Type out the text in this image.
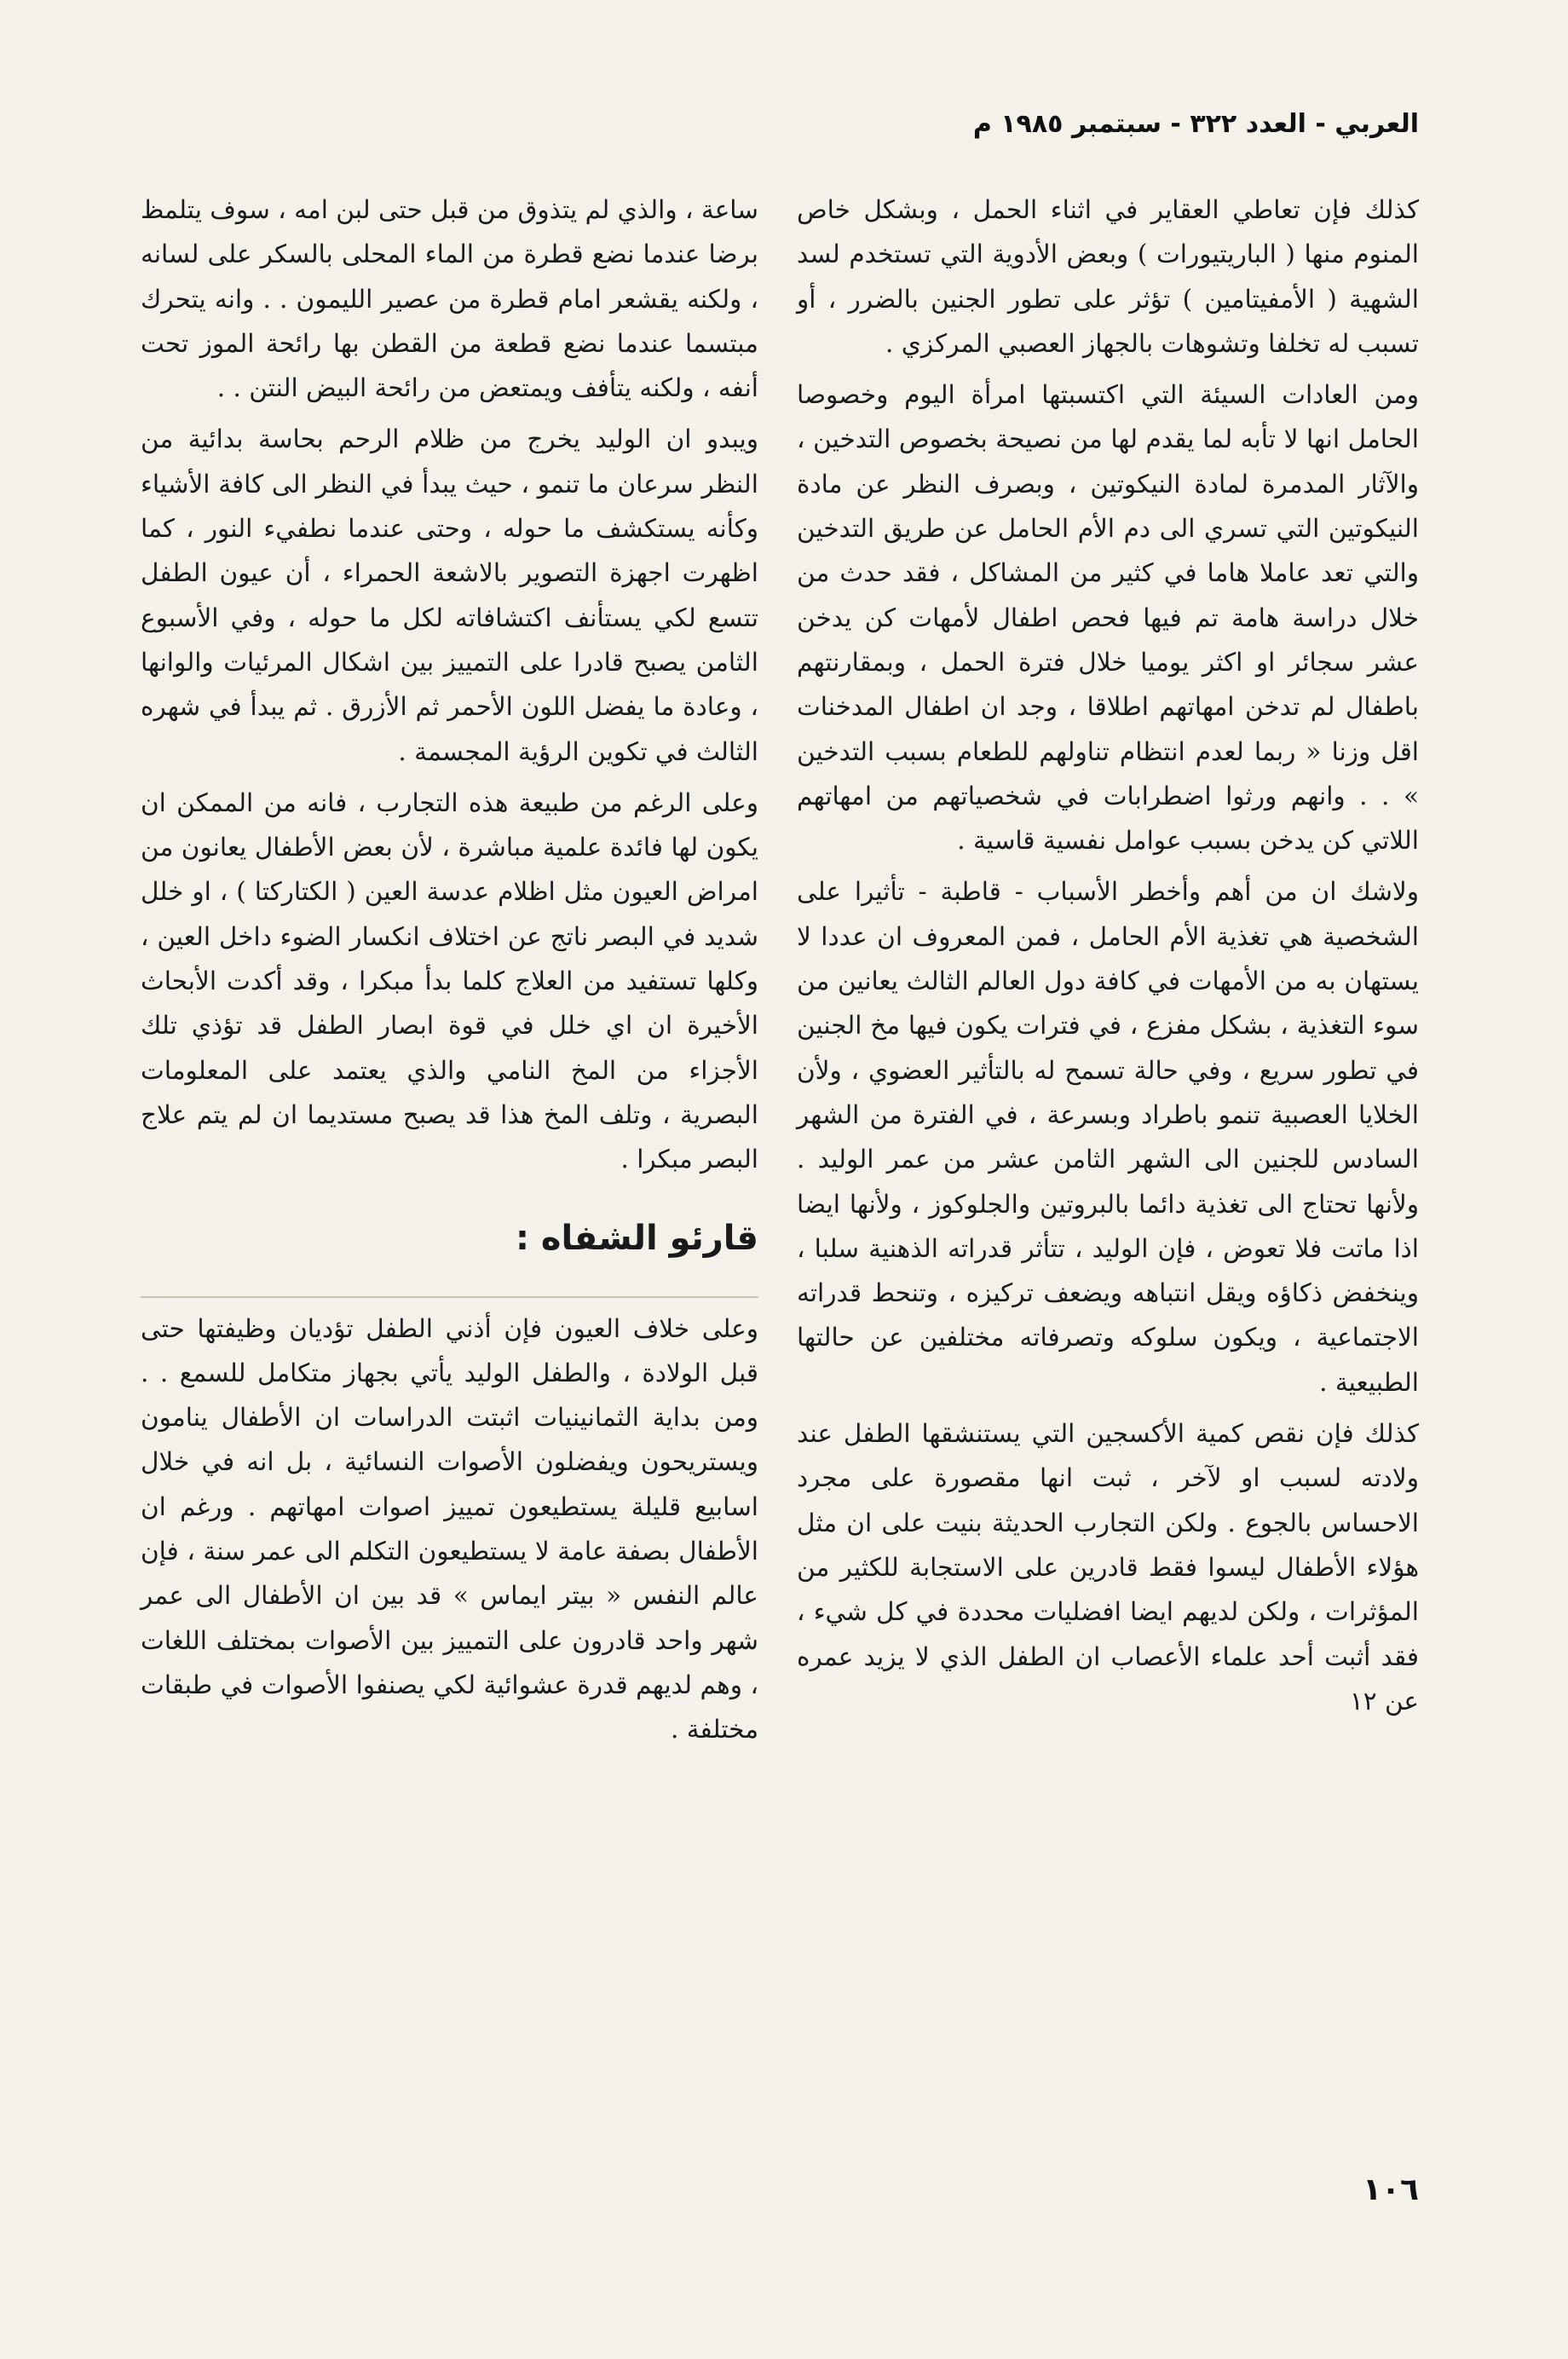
العربي - العدد ٣٢٢ - سبتمبر ١٩٨٥ م

كذلك فإن تعاطي العقاير في اثناء الحمل ، وبشكل خاص المنوم منها ( الباريتيورات ) وبعض الأدوية التي تستخدم لسد الشهية ( الأمفيتامين ) تؤثر على تطور الجنين بالضرر ، أو تسبب له تخلفا وتشوهات بالجهاز العصبي المركزي .

ومن العادات السيئة التي اكتسبتها امرأة اليوم وخصوصا الحامل انها لا تأبه لما يقدم لها من نصيحة بخصوص التدخين ، والآثار المدمرة لمادة النيكوتين ، وبصرف النظر عن مادة النيكوتين التي تسري الى دم الأم الحامل عن طريق التدخين والتي تعد عاملا هاما في كثير من المشاكل ، فقد حدث من خلال دراسة هامة تم فيها فحص اطفال لأمهات كن يدخن عشر سجائر او اكثر يوميا خلال فترة الحمل ، وبمقارنتهم باطفال لم تدخن امهاتهم اطلاقا ، وجد ان اطفال المدخنات اقل وزنا « ربما لعدم انتظام تناولهم للطعام بسبب التدخين » . . وانهم ورثوا اضطرابات في شخصياتهم من امهاتهم اللاتي كن يدخن بسبب عوامل نفسية قاسية .

ولاشك ان من أهم وأخطر الأسباب - قاطبة - تأثيرا على الشخصية هي تغذية الأم الحامل ، فمن المعروف ان عددا لا يستهان به من الأمهات في كافة دول العالم الثالث يعانين من سوء التغذية ، بشكل مفزع ، في فترات يكون فيها مخ الجنين في تطور سريع ، وفي حالة تسمح له بالتأثير العضوي ، ولأن الخلايا العصبية تنمو باطراد وبسرعة ، في الفترة من الشهر السادس للجنين الى الشهر الثامن عشر من عمر الوليد . ولأنها تحتاج الى تغذية دائما بالبروتين والجلوكوز ، ولأنها ايضا اذا ماتت فلا تعوض ، فإن الوليد ، تتأثر قدراته الذهنية سلبا ، وينخفض ذكاؤه ويقل انتباهه ويضعف تركيزه ، وتنحط قدراته الاجتماعية ، ويكون سلوكه وتصرفاته مختلفين عن حالتها الطبيعية .

كذلك فإن نقص كمية الأكسجين التي يستنشقها الطفل عند ولادته لسبب او لآخر ، ثبت انها مقصورة على مجرد الاحساس بالجوع . ولكن التجارب الحديثة بنيت على ان مثل هؤلاء الأطفال ليسوا فقط قادرين على الاستجابة للكثير من المؤثرات ، ولكن لديهم ايضا افضليات محددة في كل شيء ، فقد أثبت أحد علماء الأعصاب ان الطفل الذي لا يزيد عمره عن ١٢

ساعة ، والذي لم يتذوق من قبل حتى لبن امه ، سوف يتلمظ برضا عندما نضع قطرة من الماء المحلى بالسكر على لسانه ، ولكنه يقشعر امام قطرة من عصير الليمون . . وانه يتحرك مبتسما عندما نضع قطعة من القطن بها رائحة الموز تحت أنفه ، ولكنه يتأفف ويمتعض من رائحة البيض النتن . .

ويبدو ان الوليد يخرج من ظلام الرحم بحاسة بدائية من النظر سرعان ما تنمو ، حيث يبدأ في النظر الى كافة الأشياء وكأنه يستكشف ما حوله ، وحتى عندما نطفيء النور ، كما اظهرت اجهزة التصوير بالاشعة الحمراء ، أن عيون الطفل تتسع لكي يستأنف اكتشافاته لكل ما حوله ، وفي الأسبوع الثامن يصبح قادرا على التمييز بين اشكال المرئيات والوانها ، وعادة ما يفضل اللون الأحمر ثم الأزرق . ثم يبدأ في شهره الثالث في تكوين الرؤية المجسمة .

وعلى الرغم من طبيعة هذه التجارب ، فانه من الممكن ان يكون لها فائدة علمية مباشرة ، لأن بعض الأطفال يعانون من امراض العيون مثل اظلام عدسة العين ( الكتاركتا ) ، او خلل شديد في البصر ناتج عن اختلاف انكسار الضوء داخل العين ، وكلها تستفيد من العلاج كلما بدأ مبكرا ، وقد أكدت الأبحاث الأخيرة ان اي خلل في قوة ابصار الطفل قد تؤذي تلك الأجزاء من المخ النامي والذي يعتمد على المعلومات البصرية ، وتلف المخ هذا قد يصبح مستديما ان لم يتم علاج البصر مبكرا .

قارئو الشفاه :

وعلى خلاف العيون فإن أذني الطفل تؤديان وظيفتها حتى قبل الولادة ، والطفل الوليد يأتي بجهاز متكامل للسمع . . ومن بداية الثمانينيات اثبتت الدراسات ان الأطفال ينامون ويستريحون ويفضلون الأصوات النسائية ، بل انه في خلال اسابيع قليلة يستطيعون تمييز اصوات امهاتهم . ورغم ان الأطفال بصفة عامة لا يستطيعون التكلم الى عمر سنة ، فإن عالم النفس « بيتر ايماس » قد بين ان الأطفال الى عمر شهر واحد قادرون على التمييز بين الأصوات بمختلف اللغات ، وهم لديهم قدرة عشوائية لكي يصنفوا الأصوات في طبقات مختلفة .

١٠٦
